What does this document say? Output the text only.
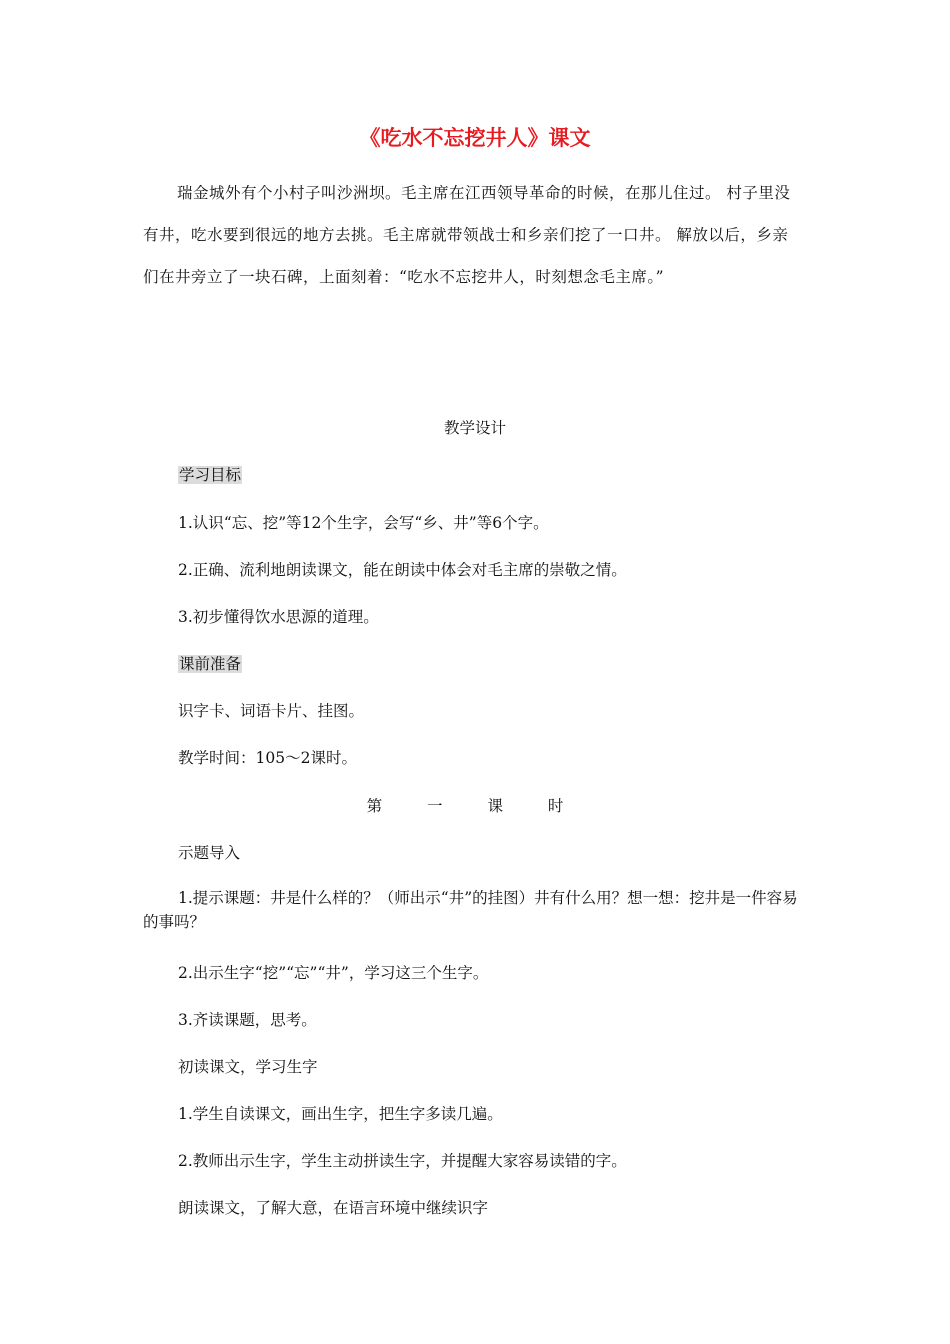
《吃水不忘挖井人》课文

瑞金城外有个小村子叫沙洲坝。毛主席在江西领导革命的时候，在那儿住过。 村子里没有井，吃水要到很远的地方去挑。毛主席就带领战士和乡亲们挖了一口井。 解放以后，乡亲们在井旁立了一块石碑，上面刻着：“吃水不忘挖井人，时刻想念毛主席。”

教学设计
学习目标
1.认识“忘、挖”等12个生字，会写“乡、井”等6个字。
2.正确、流利地朗读课文，能在朗读中体会对毛主席的崇敬之情。
3.初步懂得饮水思源的道理。
课前准备
识字卡、词语卡片、挂图。
教学时间：105～2课时。
第 一 课 时
示题导入

1.提示课题：井是什么样的？（师出示“井”的挂图）井有什么用？想一想：挖井是一件容易的事吗？

2.出示生字“挖”“忘”“井”，学习这三个生字。
3.齐读课题，思考。
初读课文，学习生字
1.学生自读课文，画出生字，把生字多读几遍。
2.教师出示生字，学生主动拼读生字，并提醒大家容易读错的字。
朗读课文，了解大意，在语言环境中继续识字
